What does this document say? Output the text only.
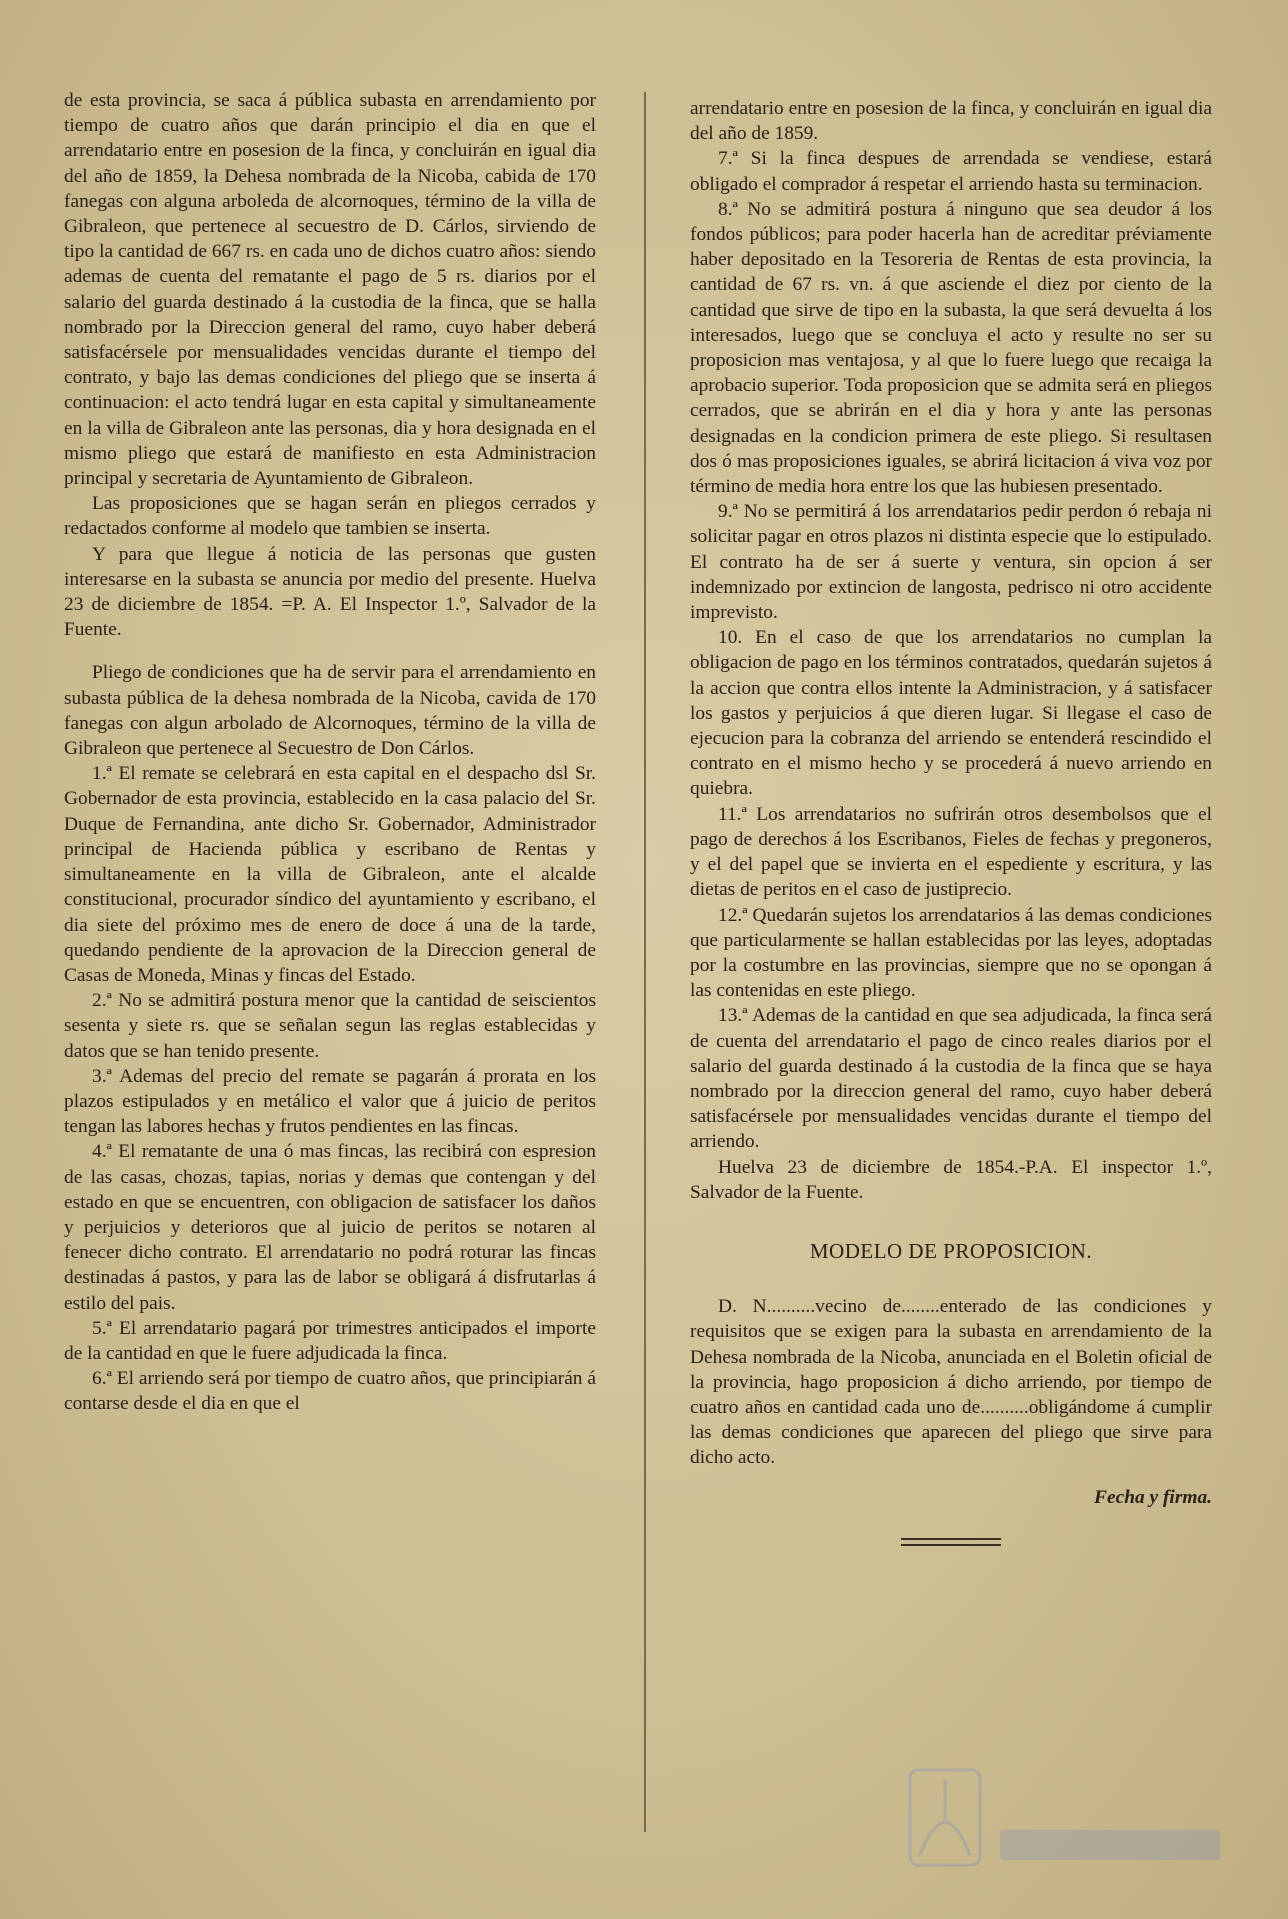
de esta provincia, se saca á pública subasta en arrendamiento por tiempo de cuatro años que darán principio el dia en que el arrendatario entre en posesion de la finca, y concluirán en igual dia del año de 1859, la Dehesa nombrada de la Nicoba, cabida de 170 fanegas con alguna arboleda de alcornoques, término de la villa de Gibraleon, que pertenece al secuestro de D. Cárlos, sirviendo de tipo la cantidad de 667 rs. en cada uno de dichos cuatro años: siendo ademas de cuenta del rematante el pago de 5 rs. diarios por el salario del guarda destinado á la custodia de la finca, que se halla nombrado por la Direccion general del ramo, cuyo haber deberá satisfacérsele por mensualidades vencidas durante el tiempo del contrato, y bajo las demas condiciones del pliego que se inserta á continuacion: el acto tendrá lugar en esta capital y simultaneamente en la villa de Gibraleon ante las personas, dia y hora designada en el mismo pliego que estará de manifiesto en esta Administracion principal y secretaria de Ayuntamiento de Gibraleon.

Las proposiciones que se hagan serán en pliegos cerrados y redactados conforme al modelo que tambien se inserta.

Y para que llegue á noticia de las personas que gusten interesarse en la subasta se anuncia por medio del presente. Huelva 23 de diciembre de 1854. =P. A. El Inspector 1.º, Salvador de la Fuente.

Pliego de condiciones que ha de servir para el arrendamiento en subasta pública de la dehesa nombrada de la Nicoba, cavida de 170 fanegas con algun arbolado de Alcornoques, término de la villa de Gibraleon que pertenece al Secuestro de Don Cárlos.

1.ª El remate se celebrará en esta capital en el despacho dsl Sr. Gobernador de esta provincia, establecido en la casa palacio del Sr. Duque de Fernandina, ante dicho Sr. Gobernador, Administrador principal de Hacienda pública y escribano de Rentas y simultaneamente en la villa de Gibraleon, ante el alcalde constitucional, procurador síndico del ayuntamiento y escribano, el dia siete del próximo mes de enero de doce á una de la tarde, quedando pendiente de la aprovacion de la Direccion general de Casas de Moneda, Minas y fincas del Estado.

2.ª No se admitirá postura menor que la cantidad de seiscientos sesenta y siete rs. que se señalan segun las reglas establecidas y datos que se han tenido presente.

3.ª Ademas del precio del remate se pagarán á prorata en los plazos estipulados y en metálico el valor que á juicio de peritos tengan las labores hechas y frutos pendientes en las fincas.

4.ª El rematante de una ó mas fincas, las recibirá con espresion de las casas, chozas, tapias, norias y demas que contengan y del estado en que se encuentren, con obligacion de satisfacer los daños y perjuicios y deterioros que al juicio de peritos se notaren al fenecer dicho contrato. El arrendatario no podrá roturar las fincas destinadas á pastos, y para las de labor se obligará á disfrutarlas á estilo del pais.

5.ª El arrendatario pagará por trimestres anticipados el importe de la cantidad en que le fuere adjudicada la finca.

6.ª El arriendo será por tiempo de cuatro años, que principiarán á contarse desde el dia en que el

arrendatario entre en posesion de la finca, y concluirán en igual dia del año de 1859.

7.ª Si la finca despues de arrendada se vendiese, estará obligado el comprador á respetar el arriendo hasta su terminacion.

8.ª No se admitirá postura á ninguno que sea deudor á los fondos públicos; para poder hacerla han de acreditar préviamente haber depositado en la Tesoreria de Rentas de esta provincia, la cantidad de 67 rs. vn. á que asciende el diez por ciento de la cantidad que sirve de tipo en la subasta, la que será devuelta á los interesados, luego que se concluya el acto y resulte no ser su proposicion mas ventajosa, y al que lo fuere luego que recaiga la aprobacio superior. Toda proposicion que se admita será en pliegos cerrados, que se abrirán en el dia y hora y ante las personas designadas en la condicion primera de este pliego. Si resultasen dos ó mas proposiciones iguales, se abrirá licitacion á viva voz por término de media hora entre los que las hubiesen presentado.

9.ª No se permitirá á los arrendatarios pedir perdon ó rebaja ni solicitar pagar en otros plazos ni distinta especie que lo estipulado. El contrato ha de ser á suerte y ventura, sin opcion á ser indemnizado por extincion de langosta, pedrisco ni otro accidente imprevisto.

10. En el caso de que los arrendatarios no cumplan la obligacion de pago en los términos contratados, quedarán sujetos á la accion que contra ellos intente la Administracion, y á satisfacer los gastos y perjuicios á que dieren lugar. Si llegase el caso de ejecucion para la cobranza del arriendo se entenderá rescindido el contrato en el mismo hecho y se procederá á nuevo arriendo en quiebra.

11.ª Los arrendatarios no sufrirán otros desembolsos que el pago de derechos á los Escribanos, Fieles de fechas y pregoneros, y el del papel que se invierta en el espediente y escritura, y las dietas de peritos en el caso de justiprecio.

12.ª Quedarán sujetos los arrendatarios á las demas condiciones que particularmente se hallan establecidas por las leyes, adoptadas por la costumbre en las provincias, siempre que no se opongan á las contenidas en este pliego.

13.ª Ademas de la cantidad en que sea adjudicada, la finca será de cuenta del arrendatario el pago de cinco reales diarios por el salario del guarda destinado á la custodia de la finca que se haya nombrado por la direccion general del ramo, cuyo haber deberá satisfacérsele por mensualidades vencidas durante el tiempo del arriendo.

Huelva 23 de diciembre de 1854.-P.A. El inspector 1.º, Salvador de la Fuente.

MODELO DE PROPOSICION.

D. N..........vecino de........enterado de las condiciones y requisitos que se exigen para la subasta en arrendamiento de la Dehesa nombrada de la Nicoba, anunciada en el Boletin oficial de la provincia, hago proposicion á dicho arriendo, por tiempo de cuatro años en cantidad cada uno de..........obligándome á cumplir las demas condiciones que aparecen del pliego que sirve para dicho acto.

Fecha y firma.
